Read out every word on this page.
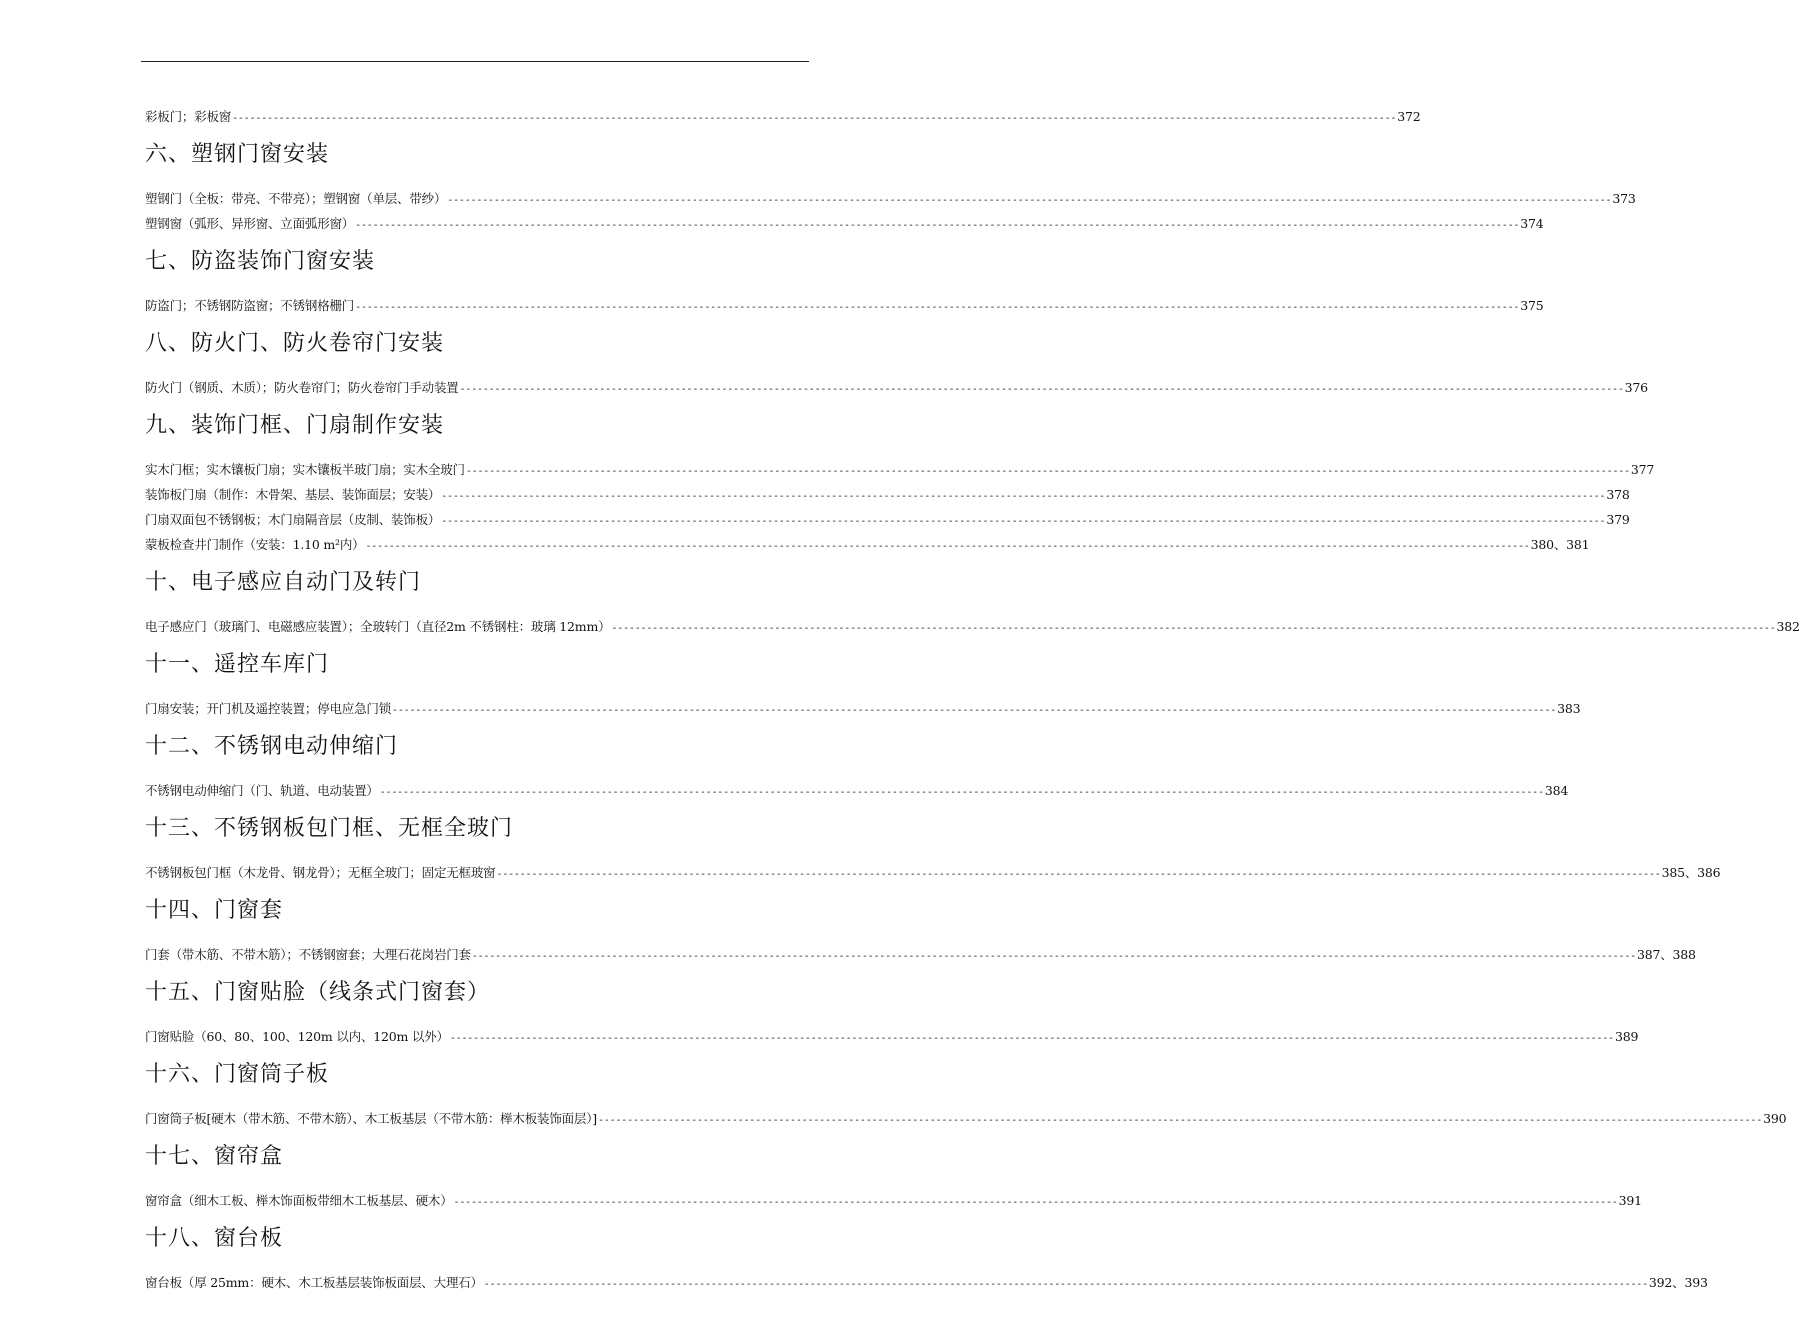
彩板门；彩板窗 -----	372
六、塑钢门窗安装
塑钢门（全板：带亮、不带亮）；塑钢窗（单层、带纱） -----	373
塑钢窗（弧形、异形窗、立面弧形窗） -----	374
七、防盗装饰门窗安装
防盗门；不锈钢防盗窗；不锈钢格栅门 -----	375
八、防火门、防火卷帘门安装
防火门（钢质、木质）；防火卷帘门；防火卷帘门手动装置 -----	376
九、装饰门框、门扇制作安装
实木门框；实木镶板门扇；实木镶板半玻门扇；实木全玻门 -----	377
装饰板门扇（制作：木骨架、基层、装饰面层；安装） -----	378
门扇双面包不锈钢板；木门扇隔音层（皮制、装饰板） -----	379
蒙板检查井门制作（安装：1.10 m²内） -----	380、381
十、电子感应自动门及转门
电子感应门（玻璃门、电磁感应装置）；全玻转门（直径2m 不锈钢柱：玻璃 12mm） -----	382
十一、遥控车库门
门扇安装；开门机及遥控装置；停电应急门锁 -----	383
十二、不锈钢电动伸缩门
不锈钢电动伸缩门（门、轨道、电动装置） -----	384
十三、不锈钢板包门框、无框全玻门
不锈钢板包门框（木龙骨、钢龙骨）；无框全玻门；固定无框玻窗 -----	385、386
十四、门窗套
门套（带木筋、不带木筋）；不锈钢窗套；大理石花岗岩门套 -----	387、388
十五、门窗贴脸（线条式门窗套）
门窗贴脸（60、80、100、120m 以内、120m 以外） -----	389
十六、门窗筒子板
门窗筒子板[硬木（带木筋、不带木筋）、木工板基层（不带木筋：榉木板装饰面层）] -----	390
十七、窗帘盒
窗帘盒（细木工板、榉木饰面板带细木工板基层、硬木） -----	391
十八、窗台板
窗台板（厚 25mm：硬木、木工板基层装饰板面层、大理石） -----	392、393
